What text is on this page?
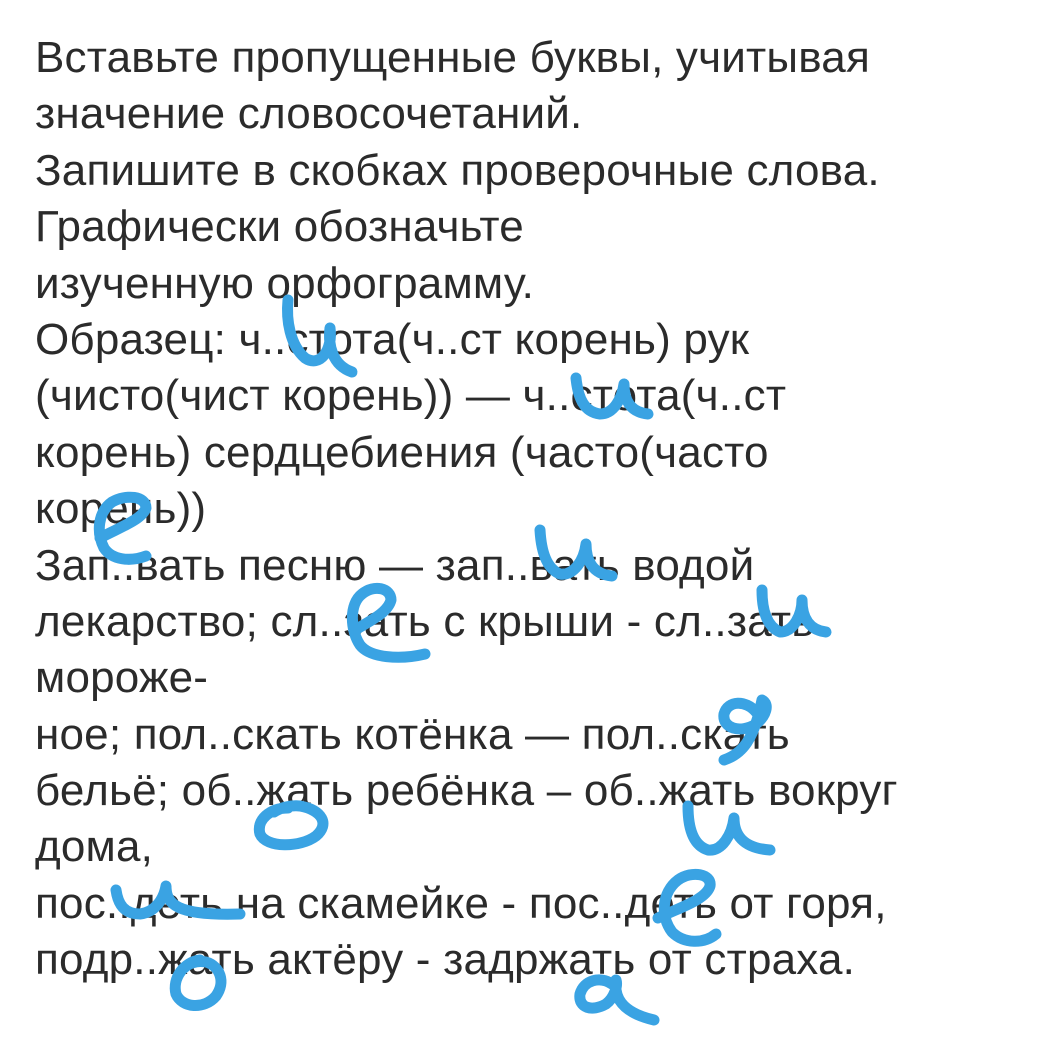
Вставьте пропущенные буквы, учитывая
значение словосочетаний.
Запишите в скобках проверочные слова.
Графически обозначьте
изученную орфограмму.
Образец: ч..стота(ч..ст корень) рук
(чисто(чист корень)) — ч..стота(ч..ст
корень) сердцебиения (часто(часто
корень))
Зап..вать песню — зап..вать водой
лекарство; сл..зать с крыши - сл..зать
мороже-
ное; пол..скать котёнка — пол..скать
бельё; об..жать ребёнка – об..жать вокруг
дома,
пос..деть на скамейке - пос..деть от горя,
подр..жать актёру - задржать от страха.
